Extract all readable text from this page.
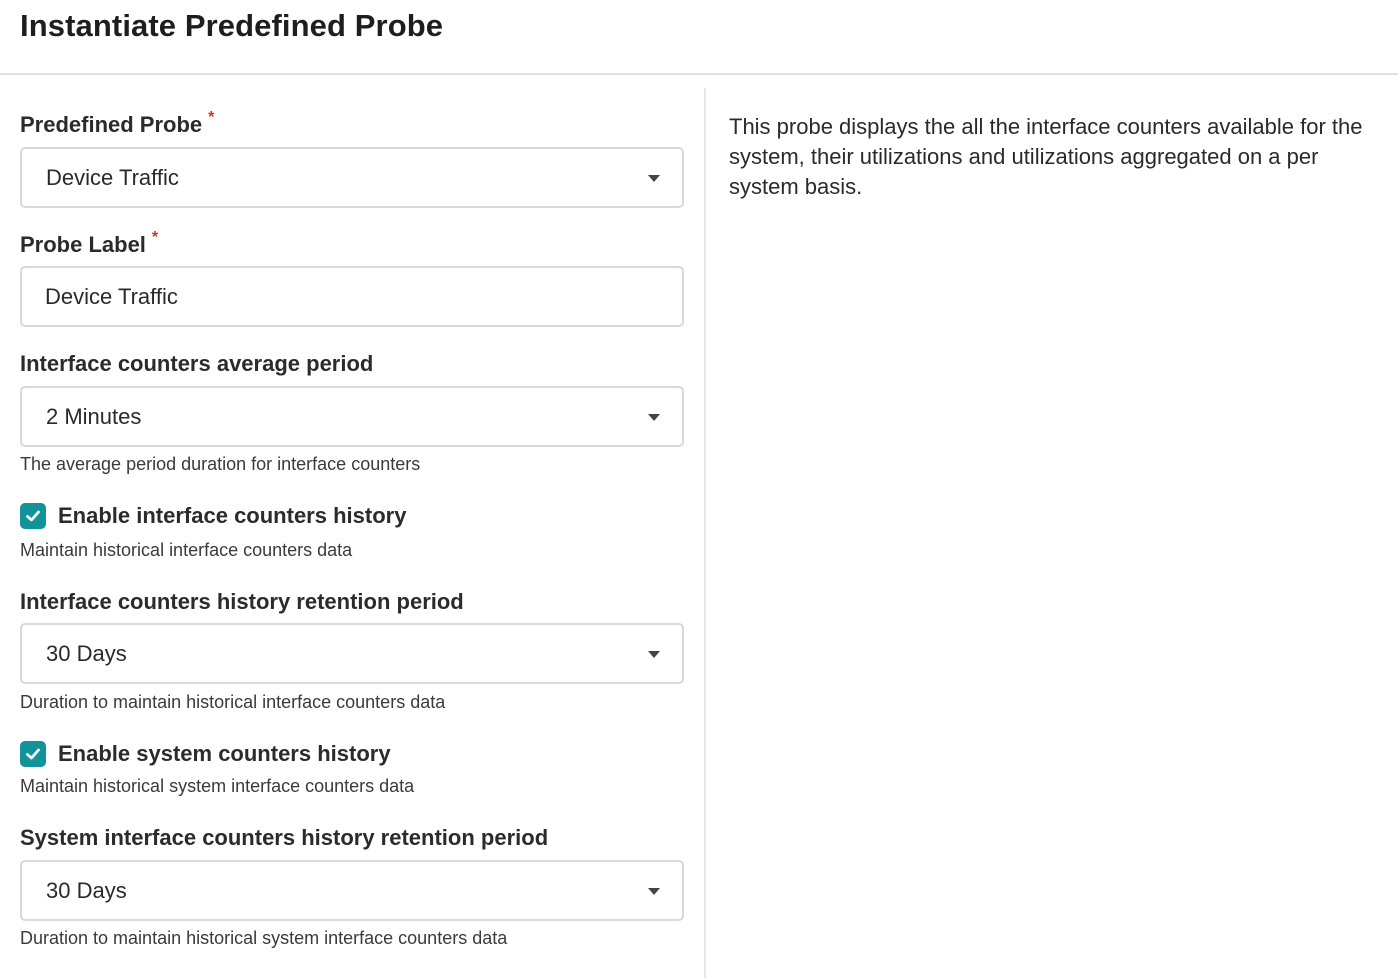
Instantiate Predefined Probe
Predefined Probe *
Device Traffic
Probe Label *
Device Traffic
Interface counters average period
2 Minutes
The average period duration for interface counters
Enable interface counters history
Maintain historical interface counters data
Interface counters history retention period
30 Days
Duration to maintain historical interface counters data
Enable system counters history
Maintain historical system interface counters data
System interface counters history retention period
30 Days
Duration to maintain historical system interface counters data
This probe displays the all the interface counters available for the system, their utilizations and utilizations aggregated on a per system basis.
